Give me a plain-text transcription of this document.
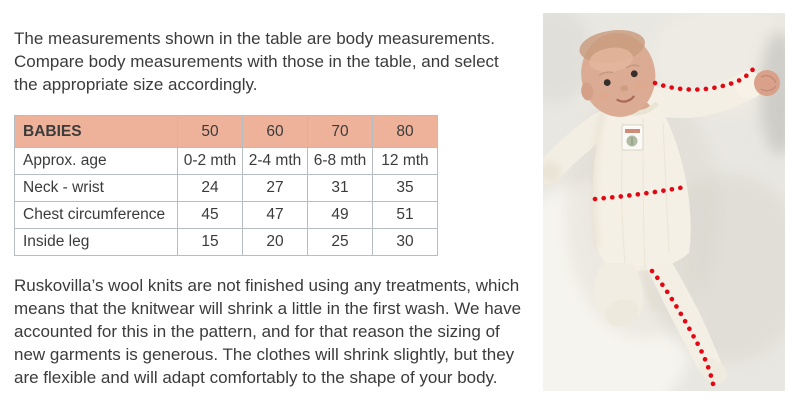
The measurements shown in the table are body measurements.
Compare body measurements with those in the table, and select
the appropriate size accordingly.
BABIES	50	60	70	80
Approx. age	0-2 mth	2-4 mth	6-8 mth	12 mth
Neck - wrist	24	27	31	35
Chest circumference	45	47	49	51
Inside leg	15	20	25	30
Ruskovilla’s wool knits are not finished using any treatments, which
means that the knitwear will shrink a little in the first wash. We have
accounted for this in the pattern, and for that reason the sizing of
new garments is generous. The clothes will shrink slightly, but they
are flexible and will adapt comfortably to the shape of your body.
